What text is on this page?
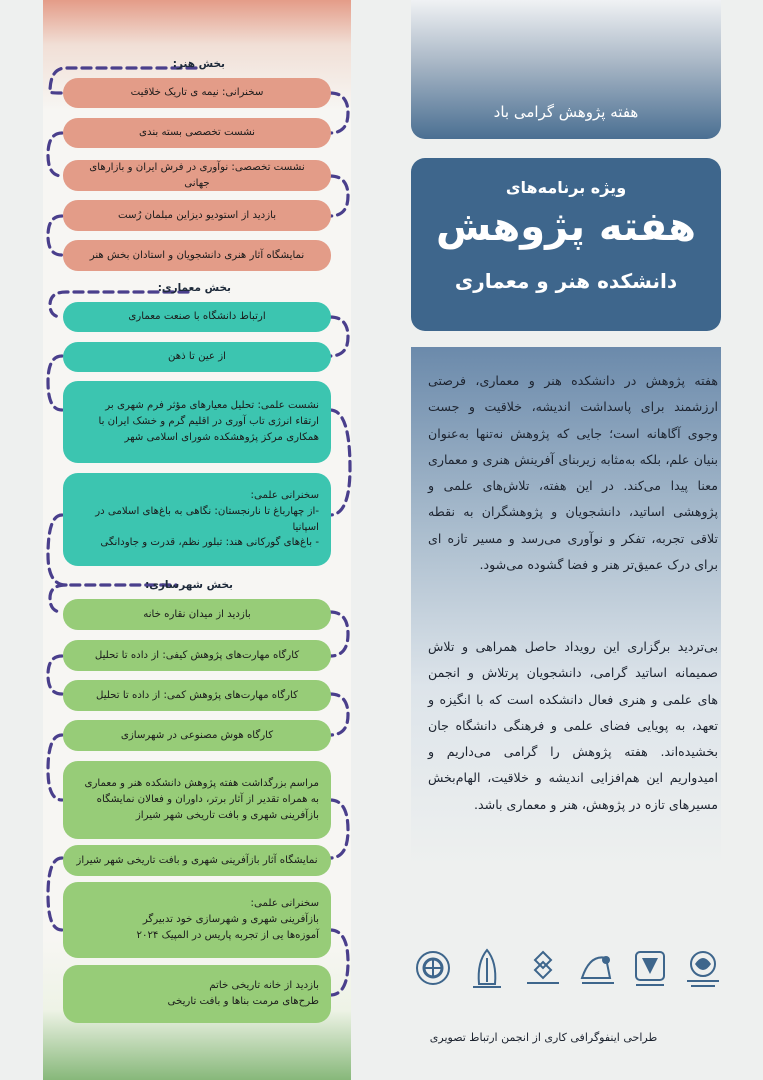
بخش هنر:
سخنرانی: نیمه ی تاریک خلاقیت
نشست تخصصی بسته بندی
نشست تخصصی: نوآوری در فرش ایران و بازارهای جهانی
بازدید از استودیو دیزاین مبلمان رُست
نمایشگاه آثار هنری دانشجویان و استادان بخش هنر
بخش معماری:
ارتباط دانشگاه با صنعت معماری
از عین تا ذهن
نشست علمی: تحلیل معیارهای مؤثر فرم شهری بر
ارتقاء انرژی تاب آوری در اقلیم گرم و خشک ایران با
همکاری مرکز پژوهشکده شورای اسلامی شهر
سخنرانی علمی:
-از چهارباغ تا نارنجستان: نگاهی به باغ‌های اسلامی در
اسپانیا
- باغ‌های گورکانی هند: تبلور نظم، قدرت و جاودانگی
بخش شهرسازی:
بازدید از میدان نقاره خانه
کارگاه مهارت‌های پژوهش کیفی: از داده تا تحلیل
کارگاه مهارت‌های پژوهش کمی: از داده تا تحلیل
کارگاه هوش مصنوعی در شهرسازی
مراسم بزرگداشت هفته پژوهش دانشکده هنر و معماری
به همراه تقدیر از آثار برتر، داوران و فعالان نمایشگاه
بازآفرینی شهری و بافت تاریخی شهر شیراز
نمایشگاه آثار بازآفرینی شهری و بافت تاریخی شهر شیراز
سخنرانی علمی:
بازآفرینی شهری و شهرسازی خود تدبیرگر
آموزه‌ها یی از تجربه پاریس در المپیک ۲۰۲۴
بازدید از خانه تاریخی خاتم
طرح‌های مرمت بناها و بافت تاریخی
هفته پژوهش گرامی باد
ویژه برنامه‌های
هفته پژوهش
دانشکده هنر و معماری
هفته پژوهش در دانشکده هنر و معماری، فرصتی ارزشمند برای پاسداشت اندیشه، خلاقیت و جست وجوی آگاهانه است؛ جایی که پژوهش نه‌تنها به‌عنوان بنیان علم، بلکه به‌مثابه زیربنای آفرینش هنری و معماری معنا پیدا می‌کند. در این هفته، تلاش‌های علمی و پژوهشی اساتید، دانشجویان و پژوهشگران به نقطه تلاقی تجربه، تفکر و نوآوری می‌رسد و مسیر تازه ای برای درک عمیق‌تر هنر و فضا گشوده می‌شود.
بی‌تردید برگزاری این رویداد حاصل همراهی و تلاش صمیمانه اساتید گرامی، دانشجویان پرتلاش و انجمن های علمی و هنری فعال دانشکده است که با انگیزه و تعهد، به پویایی فضای علمی و فرهنگی دانشگاه جان بخشیده‌اند. هفته پژوهش را گرامی می‌داریم و امیدواریم این هم‌افزایی اندیشه و خلاقیت، الهام‌بخش مسیرهای تازه در پژوهش، هنر و معماری باشد.
طراحی اینفوگرافی کاری از انجمن ارتباط تصویری
